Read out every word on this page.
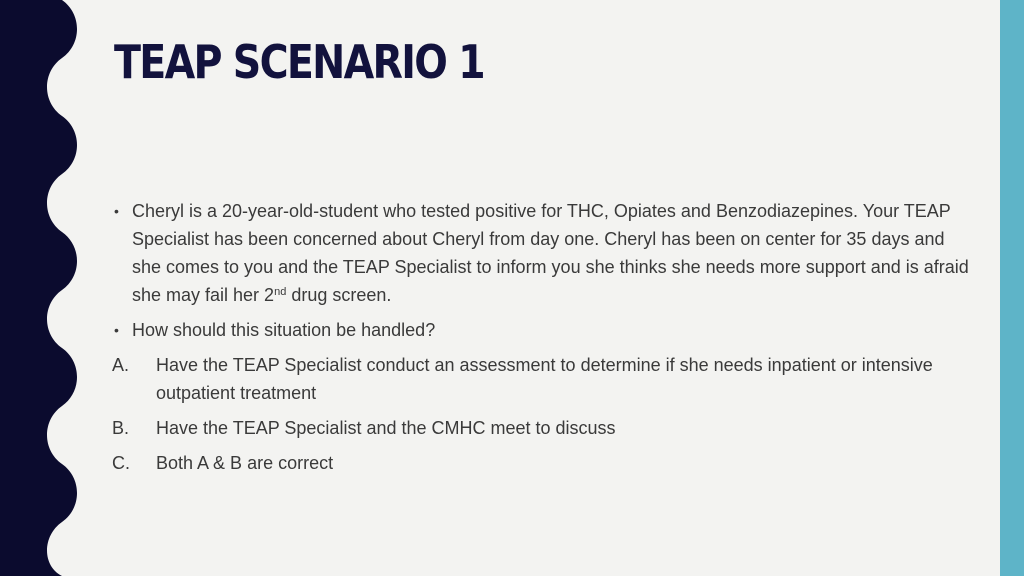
TEAP SCENARIO 1
• Cheryl is a 20-year-old-student who tested positive for THC, Opiates and Benzodiazepines. Your TEAP Specialist has been concerned about Cheryl from day one. Cheryl has been on center for 35 days and she comes to you and the TEAP Specialist to inform you she thinks she needs more support and is afraid she may fail her 2nd drug screen.
• How should this situation be handled?
A.	Have the TEAP Specialist conduct an assessment to determine if she needs inpatient or intensive outpatient treatment
B.	Have the TEAP Specialist and the CMHC meet to discuss
C.	Both A & B are correct
